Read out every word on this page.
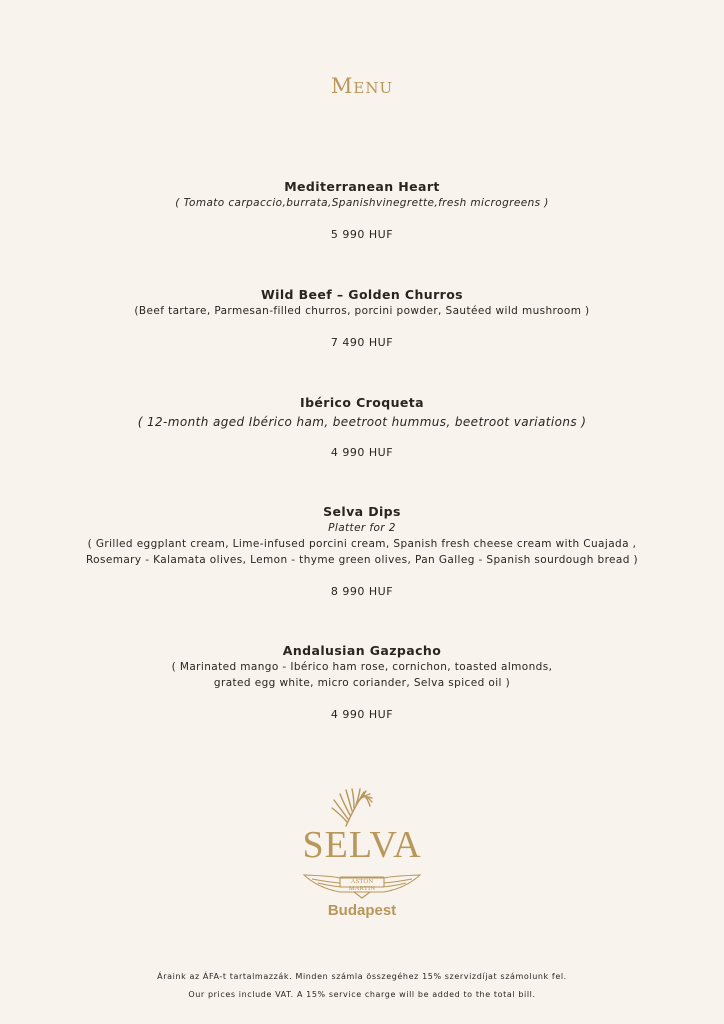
Menu
Mediterranean Heart
( Tomato carpaccio,burrata,Spanishvinegrette,fresh microgreens )
5 990 HUF
Wild Beef – Golden Churros
(Beef tartare, Parmesan-filled churros, porcini powder, Sautéed wild mushroom )
7 490 HUF
Ibérico Croqueta
( 12-month aged Ibérico ham, beetroot hummus, beetroot variations )
4 990 HUF
Selva Dips
Platter for 2
( Grilled eggplant cream, Lime-infused porcini cream, Spanish fresh cheese cream with Cuajada ,
Rosemary - Kalamata olives, Lemon - thyme green olives, Pan Galleg - Spanish sourdough bread )
8 990 HUF
Andalusian Gazpacho
( Marinated mango - Ibérico ham rose, cornichon, toasted almonds,
grated egg white, micro coriander, Selva spiced oil )
4 990 HUF
SELVA
ASTON MARTIN
Budapest
Áraink az ÁFA-t tartalmazzák. Minden számla összegéhez 15% szervizdíjat számolunk fel.
Our prices include VAT. A 15% service charge will be added to the total bill.
